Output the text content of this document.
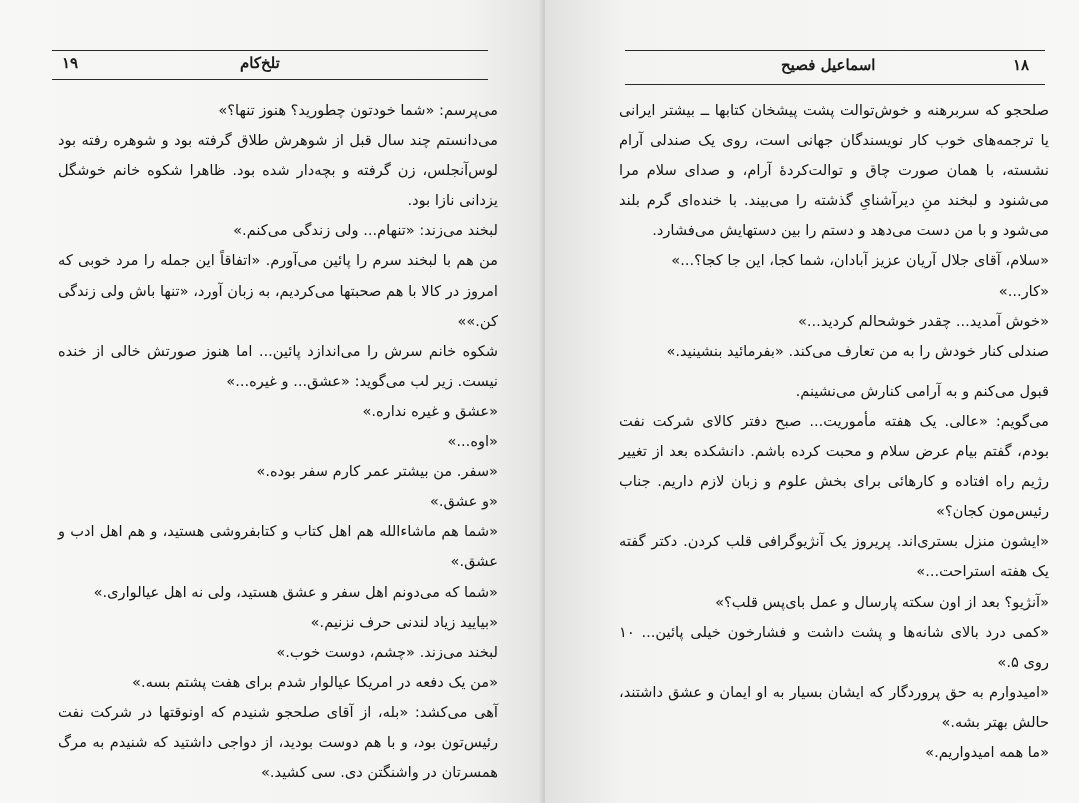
تلخ‌کام
۱۹

می‌پرسم: «شما خودتون چطورید؟ هنوز تنها؟»

می‌دانستم چند سال قبل از شوهرش طلاق گرفته بود و شوهره رفته بود لوس‌آنجلس، زن گرفته و بچه‌دار شده بود. ظاهرا شکوه خانم خوشگل یزدانی نازا بود.

لبخند می‌زند: «تنهام... ولی زندگی می‌کنم.»

من هم با لبخند سرم را پائین می‌آورم. «اتفاقاً این جمله را مرد خوبی که امروز در کالا با هم صحبتها می‌کردیم، به زبان آورد، «تنها باش ولی زندگی کن.»»

شکوه خانم سرش را می‌اندازد پائین... اما هنوز صورتش خالی از خنده نیست. زیر لب می‌گوید: «عشق... و غیره...»

«عشق و غیره نداره.»

«اوه...»

«سفر. من بیشتر عمر کارم سفر بوده.»

«و عشق.»

«شما هم ماشاءالله هم اهل کتاب و کتابفروشی هستید، و هم اهل ادب و عشق.»

«شما که می‌دونم اهل سفر و عشق هستید، ولی نه اهل عیالواری.»

«بیایید زیاد لندنی حرف نزنیم.»

لبخند می‌زند. «چشم، دوست خوب.»

«من یک دفعه در امریکا عیالوار شدم برای هفت پشتم بسه.»

آهی می‌کشد: «بله، از آقای صلحجو شنیدم که اونوقتها در شرکت نفت رئیس‌تون بود، و با هم دوست بودید، از دواجی داشتید که شنیدم به مرگ همسرتان در واشنگتن دی. سی کشید.»

اسماعیل فصیح	۱۸

صلحجو که سربرهنه و خوش‌توالت پشت پیشخان کتابها ــ بیشتر ایرانی یا ترجمه‌های خوب کار نویسندگان جهانی است، روی یک صندلی آرام نشسته، با همان صورت چاق و توالت‌کردهٔ آرام، و صدای سلام مرا می‌شنود و لبخند منِ دیرآشنایِ گذشته را می‌بیند. با خنده‌ای گرم بلند می‌شود و با من دست می‌دهد و دستم را بین دستهایش می‌فشارد.

«سلام، آقای جلال آریان عزیز آبادان، شما کجا، این جا کجا؟...»

«کار...»

«خوش آمدید... چقدر خوشحالم کردید...»

صندلی کنار خودش را به من تعارف می‌کند. «بفرمائید بنشینید.»

قبول می‌کنم و به آرامی کنارش می‌نشینم.

می‌گویم: «عالی. یک هفته مأموریت... صبح دفتر کالای شرکت نفت بودم، گفتم بیام عرض سلام و محبت کرده باشم. دانشکده بعد از تغییر رژیم راه افتاده و کارهائی برای بخش علوم و زبان لازم داریم. جناب رئیس‌مون کجان؟»

«ایشون منزل بستری‌اند. پریروز یک آنژیوگرافی قلب کردن. دکتر گفته یک هفته استراحت...»

«آنژیو؟ بعد از اون سکته پارسال و عمل بای‌پس قلب؟»

«کمی درد بالای شانه‌ها و پشت داشت و فشارخون خیلی پائین... ۱۰ روی ۵.»

«امیدوارم به حق پروردگار که ایشان بسیار به او ایمان و عشق داشتند، حالش بهتر بشه.»

«ما همه امیدواریم.»
